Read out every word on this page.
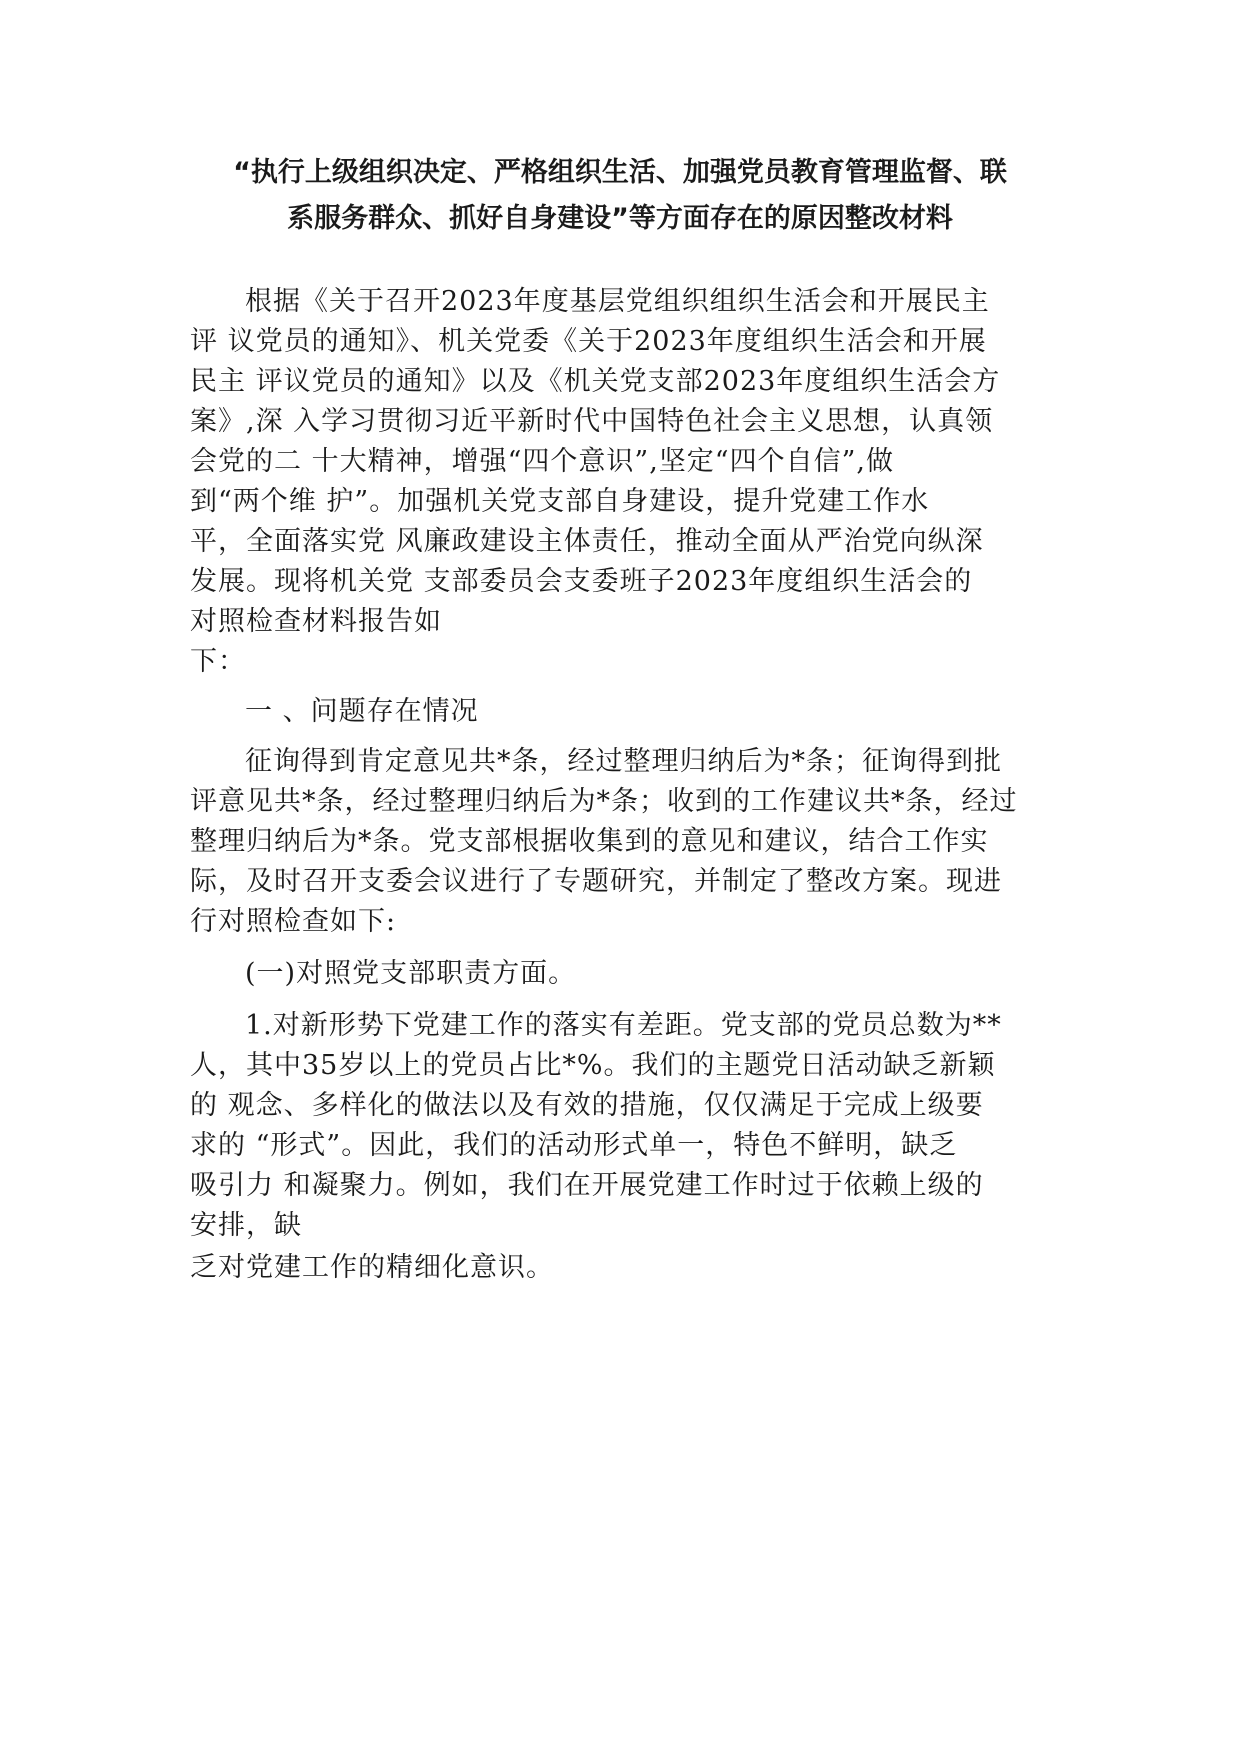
“执行上级组织决定、严格组织生活、加强党员教育管理监督、联
系服务群众、抓好自身建设”等方面存在的原因整改材料

根据《关于召开2023年度基层党组织组织生活会和开展民主

评 议党员的通知》、机关党委《关于2023年度组织生活会和开展

民主 评议党员的通知》以及《机关党支部2023年度组织生活会方

案》,深 入学习贯彻习近平新时代中国特色社会主义思想，认真领

会党的二 十大精神，增强“四个意识”,坚定“四个自信”,做

到“两个维 护”。加强机关党支部自身建设，提升党建工作水

平，全面落实党 风廉政建设主体责任，推动全面从严治党向纵深

发展。现将机关党 支部委员会支委班子2023年度组织生活会的

对照检查材料报告如

下：

一 、问题存在情况

征询得到肯定意见共*条，经过整理归纳后为*条；征询得到批

评意见共*条，经过整理归纳后为*条；收到的工作建议共*条，经过

整理归纳后为*条。党支部根据收集到的意见和建议，结合工作实

际，及时召开支委会议进行了专题研究，并制定了整改方案。现进

行对照检查如下:

(一)对照党支部职责方面。

1.对新形势下党建工作的落实有差距。党支部的党员总数为**

人，其中35岁以上的党员占比*%。我们的主题党日活动缺乏新颖

的 观念、多样化的做法以及有效的措施，仅仅满足于完成上级要

求的 “形式”。因此，我们的活动形式单一，特色不鲜明，缺乏

吸引力 和凝聚力。例如，我们在开展党建工作时过于依赖上级的

安排，缺

乏对党建工作的精细化意识。
